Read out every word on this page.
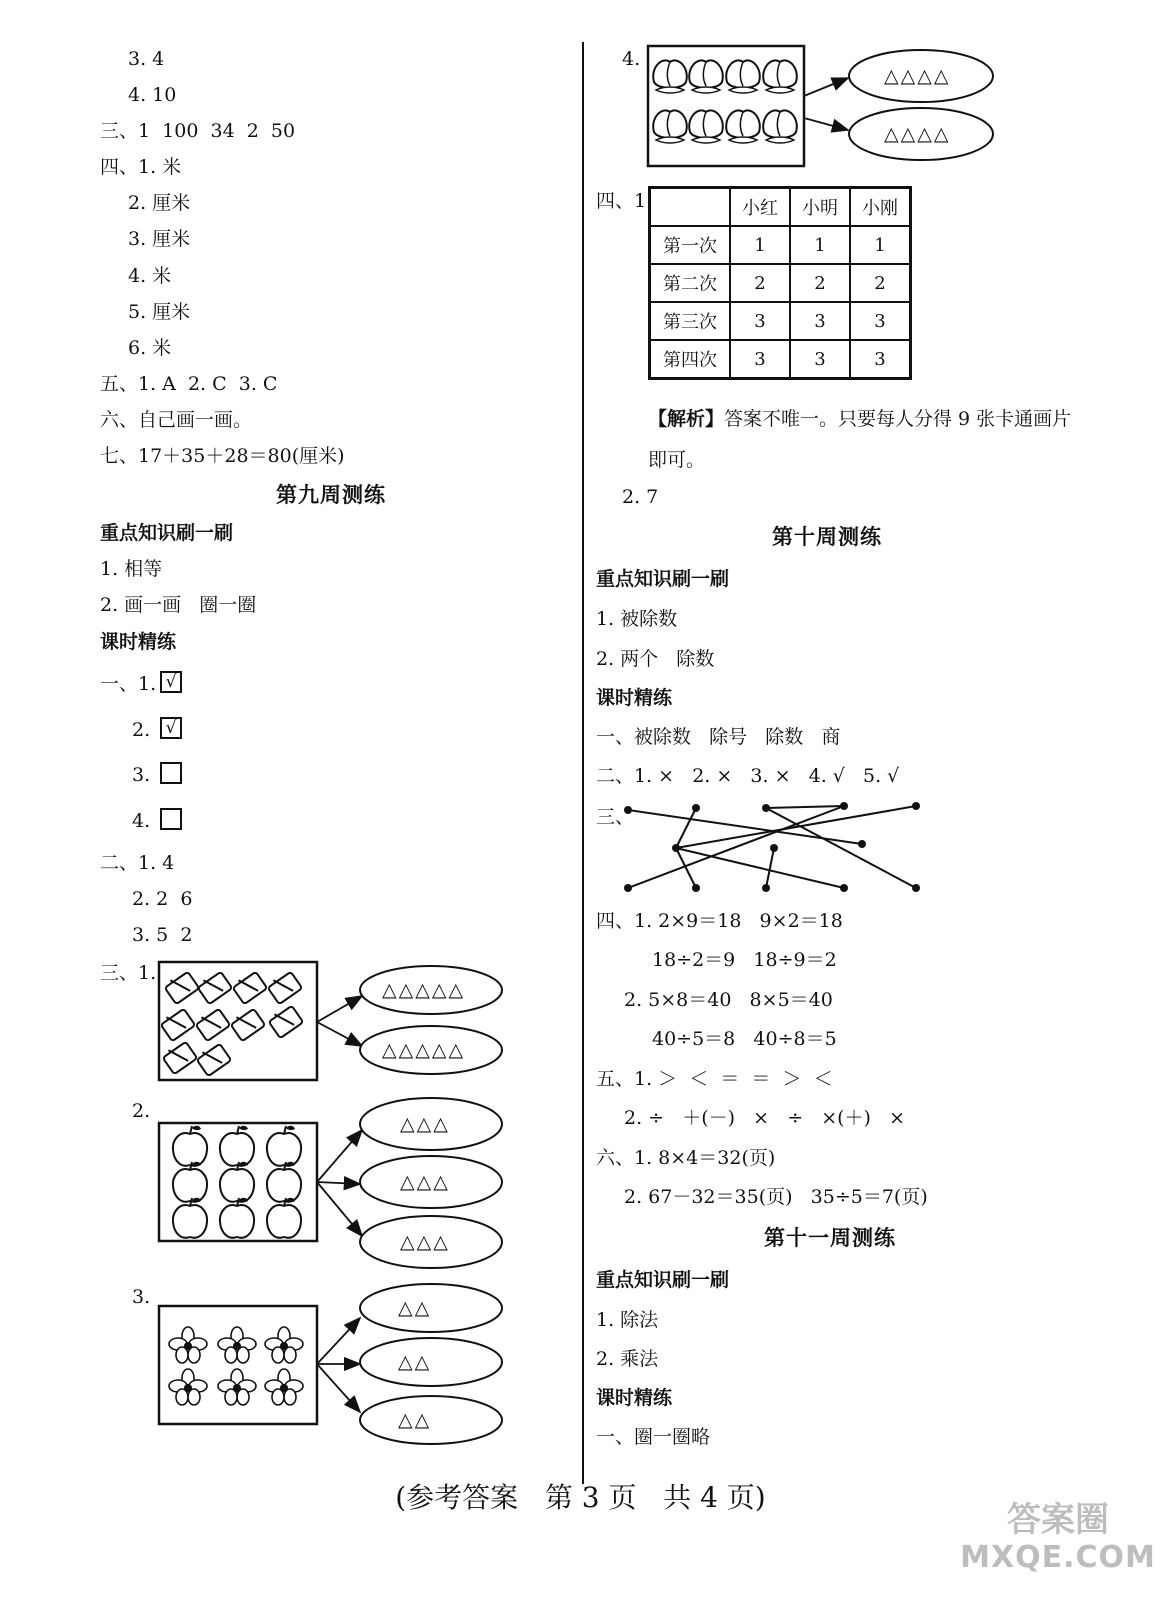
3. 4
4. 10
三、1  100  34  2  50
四、1. 米
2. 厘米
3. 厘米
4. 米
5. 厘米
6. 米
五、1. A  2. C  3. C
六、自己画一画。
七、17＋35＋28＝80(厘米)
第九周测练
重点知识刷一刷
1. 相等
2. 画一画   圈一圈
课时精练
一、1. √
2. √
3.
4.
二、1. 4
2. 2  6
3. 5  2
三、1.
2.
3.
△△△△△
△△△△△
△△△
△△△
△△△
△△
△△
△△
4.
△△△△
△△△△
四、1.
		小红	小明	小刚
第一次	1	1	1
第二次	2	2	2
第三次	3	3	3
第四次	3	3	3
【解析】答案不唯一。只要每人分得 9 张卡通画片
即可。
2. 7
第十周测练
重点知识刷一刷
1. 被除数
2. 两个   除数
课时精练
一、被除数   除号   除数   商
二、1. ×   2. ×   3. ×   4. √   5. √
三、
四、1. 2×9＝18   9×2＝18
18÷2＝9   18÷9＝2
2. 5×8＝40   8×5＝40
40÷5＝8   40÷8＝5
五、1. ＞  ＜  ＝  ＝  ＞  ＜
2. ÷   ＋(－)   ×   ÷   ×(＋)   ×
六、1. 8×4＝32(页)
2. 67－32＝35(页)   35÷5＝7(页)
第十一周测练
重点知识刷一刷
1. 除法
2. 乘法
课时精练
一、圈一圈略
(参考答案   第 3 页   共 4 页)
答案圈
MXQE.COM
